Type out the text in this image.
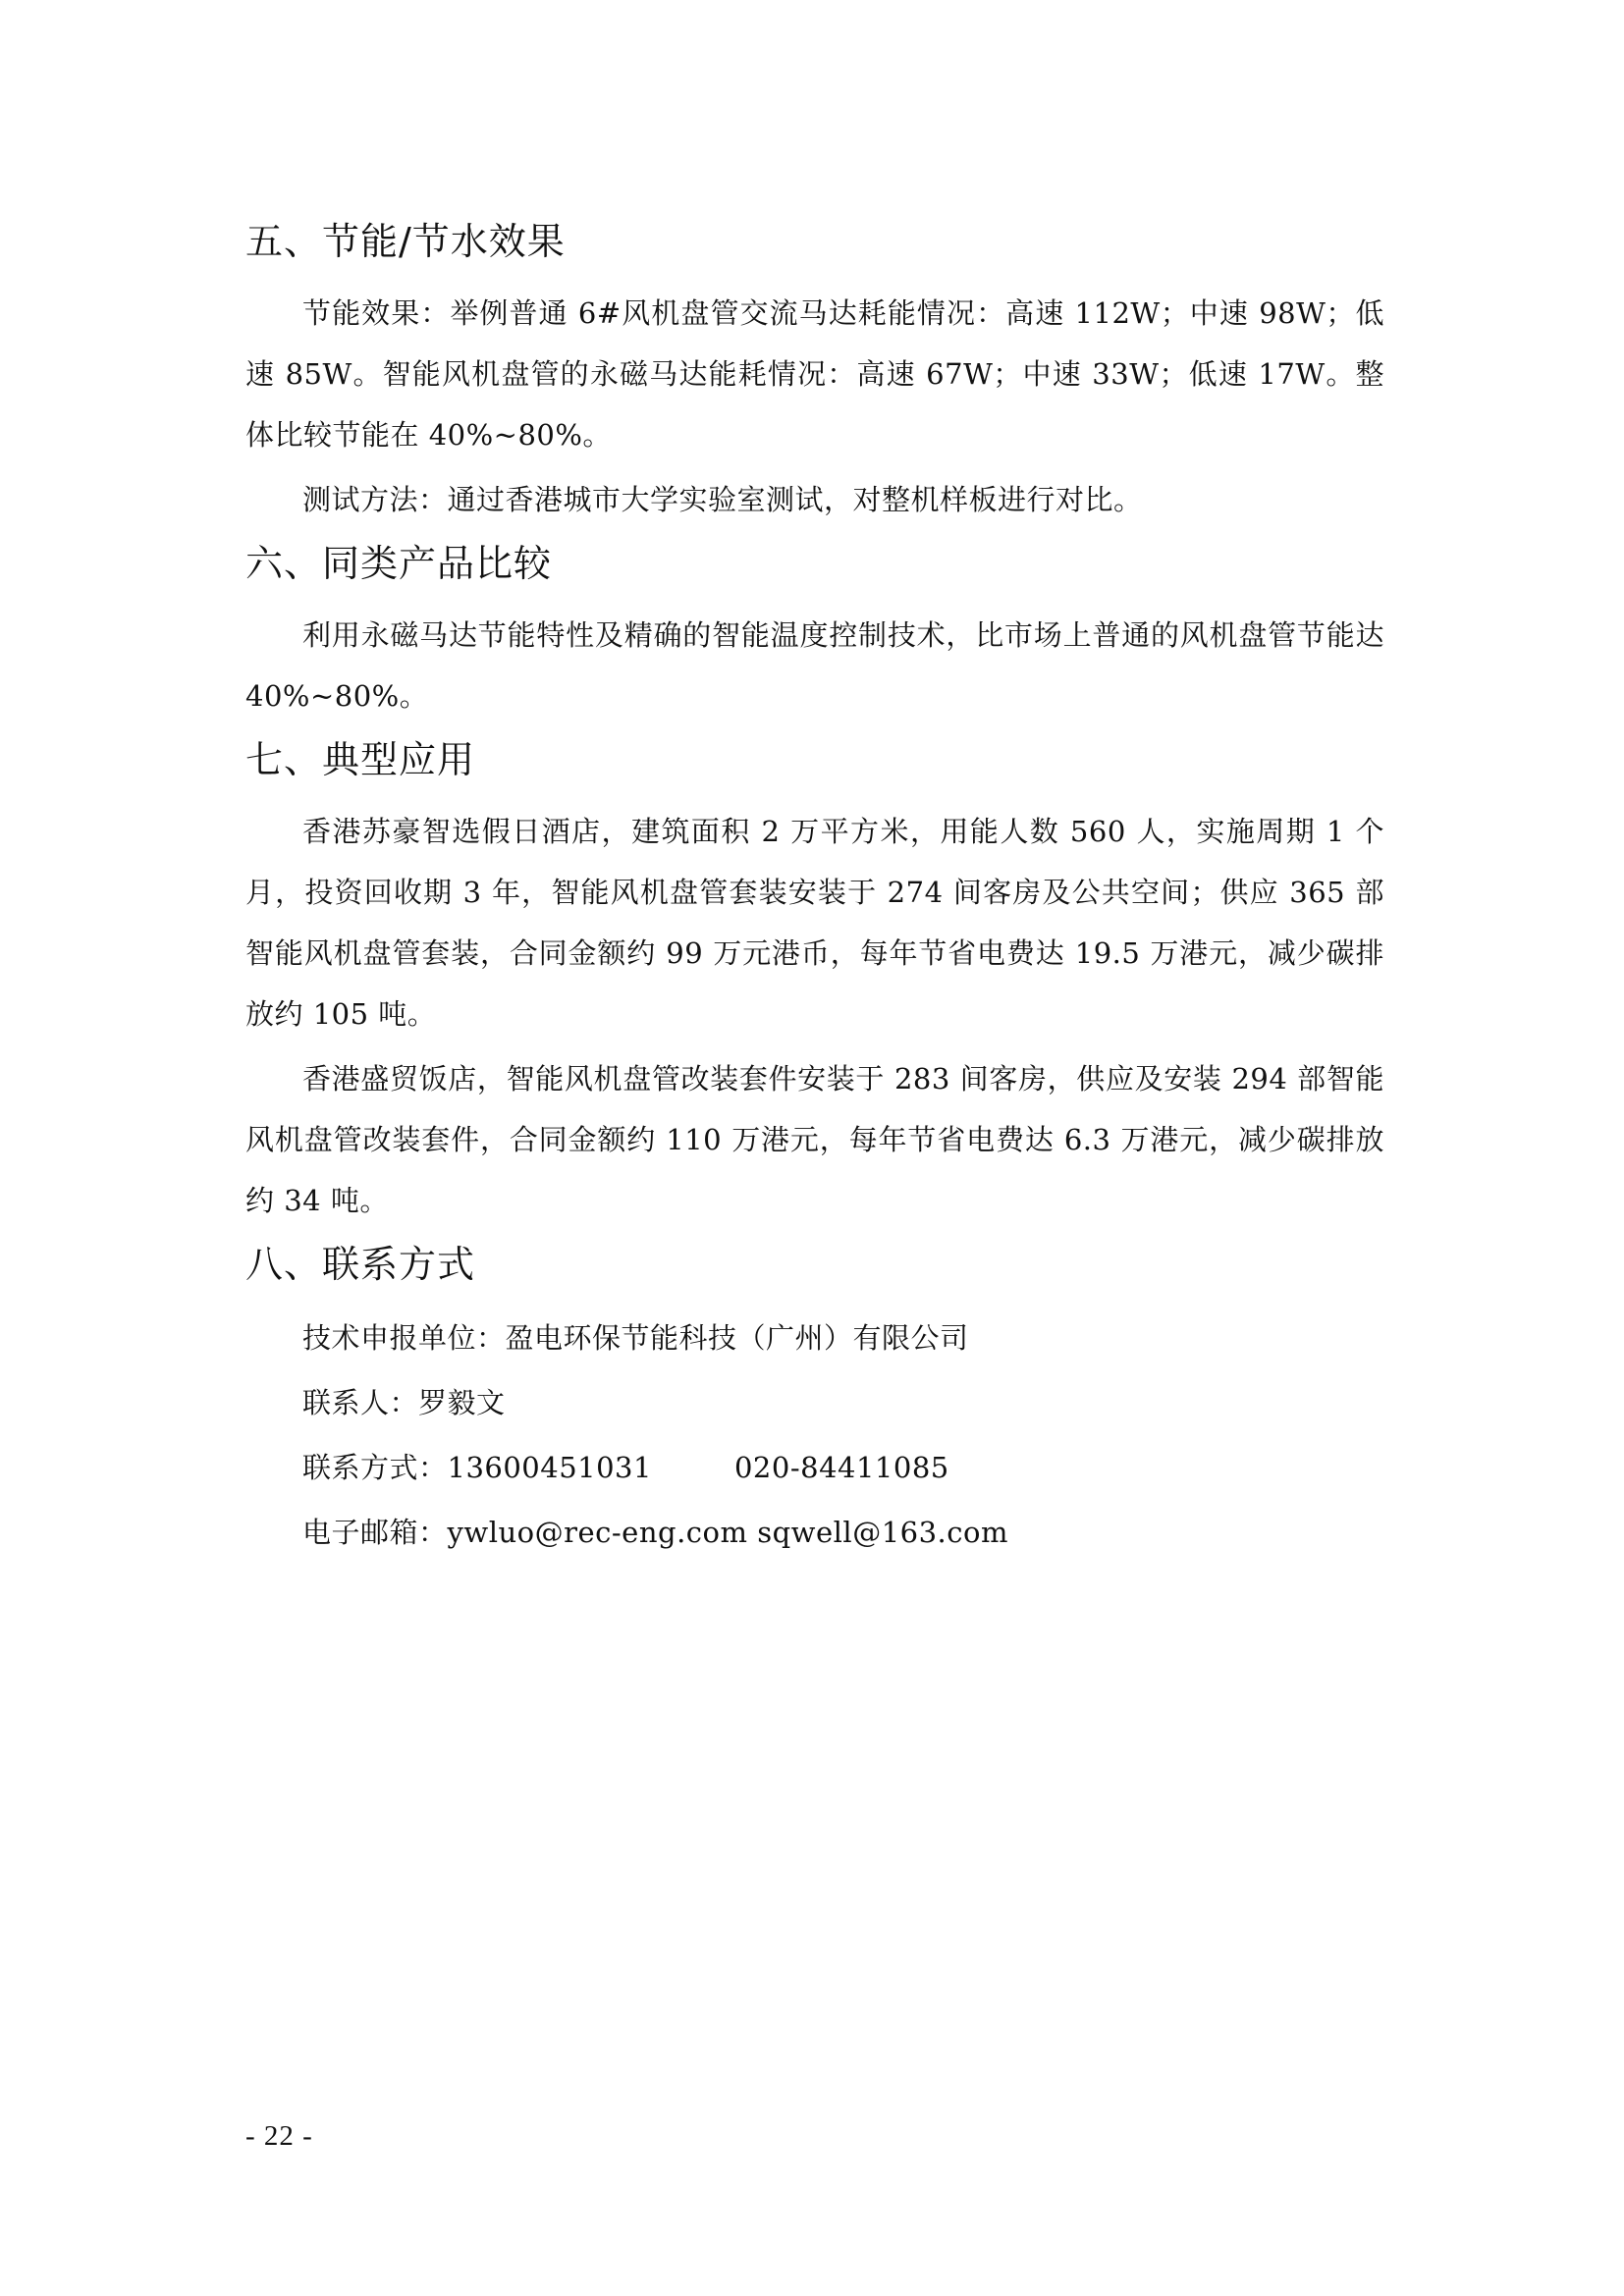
五、节能/节水效果

节能效果：举例普通 6#风机盘管交流马达耗能情况：高速 112W；中速 98W；低速 85W。智能风机盘管的永磁马达能耗情况：高速 67W；中速 33W；低速 17W。整体比较节能在 40%~80%。

测试方法：通过香港城市大学实验室测试，对整机样板进行对比。

六、同类产品比较

利用永磁马达节能特性及精确的智能温度控制技术，比市场上普通的风机盘管节能达 40%~80%。

七、典型应用

香港苏豪智选假日酒店，建筑面积 2 万平方米，用能人数 560 人，实施周期 1 个月，投资回收期 3 年，智能风机盘管套装安装于 274 间客房及公共空间；供应 365 部智能风机盘管套装，合同金额约 99 万元港币，每年节省电费达 19.5 万港元，减少碳排放约 105 吨。

香港盛贸饭店，智能风机盘管改装套件安装于 283 间客房，供应及安装 294 部智能风机盘管改装套件，合同金额约 110 万港元，每年节省电费达 6.3 万港元，减少碳排放约 34 吨。

八、联系方式

技术申报单位：盈电环保节能科技（广州）有限公司

联系人：罗毅文

联系方式：13600451031	020-84411085

电子邮箱：ywluo@rec-eng.com sqwell@163.com

- 22 -
